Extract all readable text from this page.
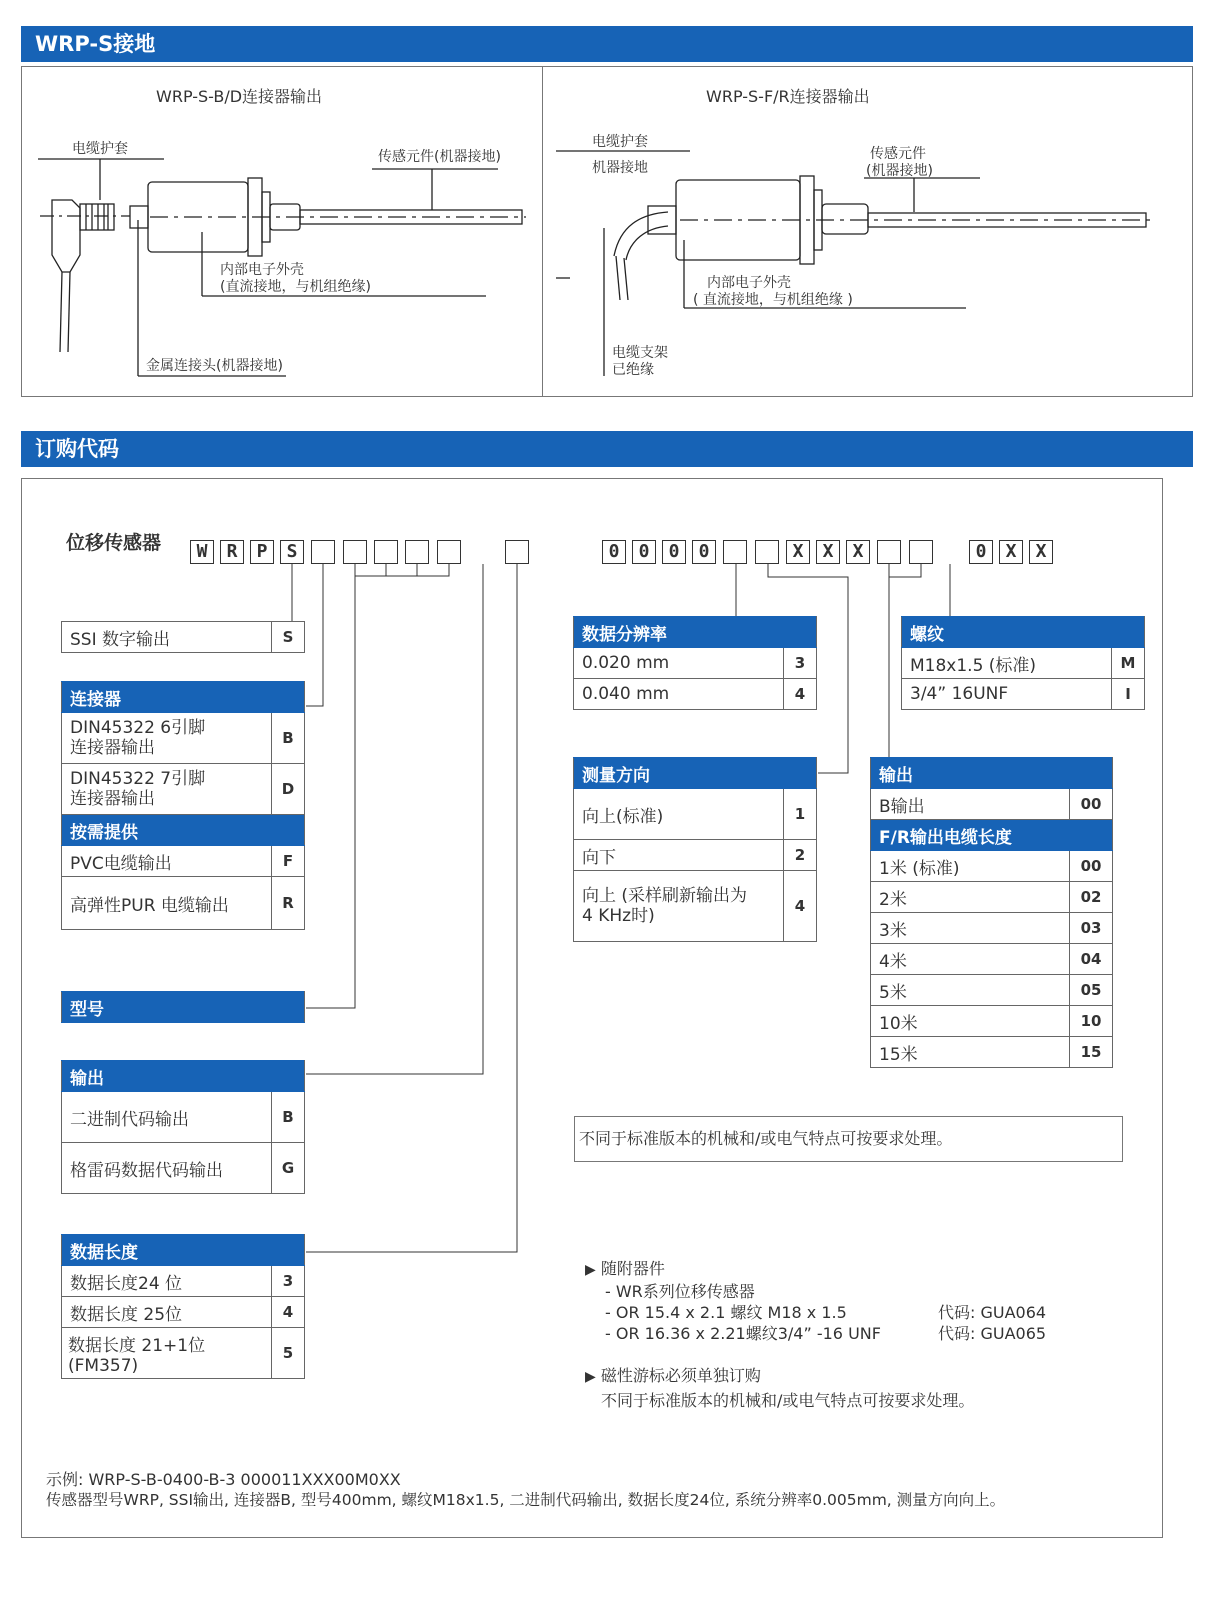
WRP-S接地
WRP-S-B/D连接器输出	WRP-S-F/R连接器输出
电缆护套	传感元件(机器接地)
内部电子外壳
(直流接地，与机组绝缘)
金属连接头(机器接地)
电缆护套
机器接地
传感元件
(机器接地)
内部电子外壳
( 直流接地，与机组绝缘 )
电缆支架
已绝缘
订购代码
位移传感器	W	R	P	S	0	0	0	0	X	X	X	0	X	X
SSI 数字输出	S
连接器	

DIN45322 6引脚
连接器输出	B

DIN45322 7引脚
连接器输出	D
按需提供	
PVC电缆输出	F
高弹性PUR 电缆输出	R
型号
输出	
二进制代码输出	B
格雷码数据代码输出	G
数据长度	
数据长度24 位	3
数据长度 25位	4
数据长度 21+1位(FM357)	5
数据分辨率	
0.020 mm	3
0.040 mm	4
测量方向	
向上(标准)	1
向下	2

向上 (采样刷新输出为
4 KHz时)	4
螺纹	
M18x1.5 (标准)	M
3/4” 16UNF	I
输出	
B输出	00
F/R输出电缆长度	
1米 (标准)	00
2米	02
3米	03
4米	04
5米	05
10米	10
15米	15
不同于标准版本的机械和/或电气特点可按要求处理。
▶ 随附器件
- WR系列位移传感器
- OR 15.4 x 2.1 螺纹 M18 x 1.5	代码: GUA064
- OR 16.36 x 2.21螺纹3/4” -16 UNF	代码: GUA065
▶ 磁性游标必须单独订购
不同于标准版本的机械和/或电气特点可按要求处理。
示例: WRP-S-B-0400-B-3 000011XXX00M0XX
传感器型号WRP, SSI输出, 连接器B, 型号400mm, 螺纹M18x1.5, 二进制代码输出, 数据长度24位, 系统分辨率0.005mm, 测量方向向上。
